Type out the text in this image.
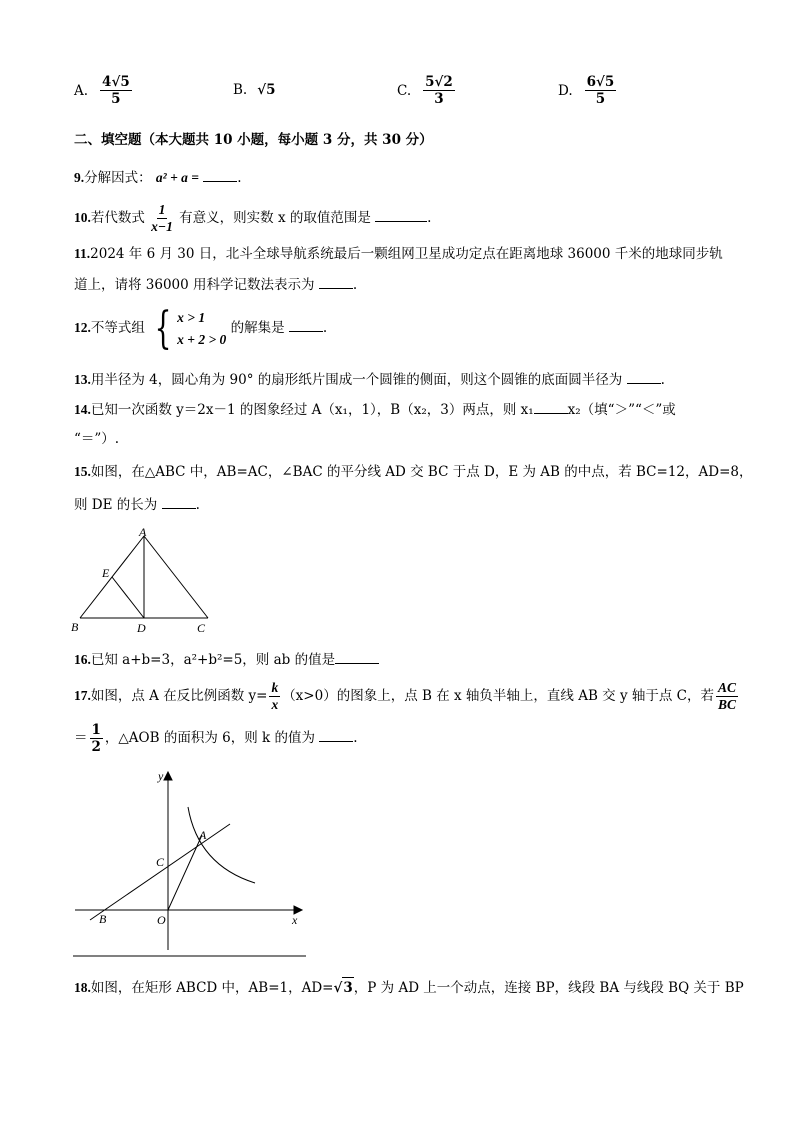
A. $\frac{4√5}{5}$	B. √5	C. $\frac{5√2}{3}$	D. $\frac{6√5}{5}$
二、填空题（本大题共 10 小题，每小题 3 分，共 30 分）
9.分解因式： a² + a =	.
10.若代数式 $\frac{1}{x-1}$ 有意义，则实数 x 的取值范围是	.
11.2024 年 6 月 30 日，北斗全球导航系统最后一颗组网卫星成功定点在距离地球 36000 千米的地球同步轨
道上，请将 36000 用科学记数法表示为	.
12.不等式组 { x > 1
x + 2 > 0
的解集是	.
13.用半径为 4，圆心角为 90° 的扇形纸片围成一个圆锥的侧面，则这个圆锥的底面圆半径为	.
14.已知一次函数 y＝2x－1 的图象经过 A（x₁，1），B（x₂，3）两点，则 x₁	x₂（填“＞”“＜”或
“＝”）.
15.如图，在△ABC 中，AB=AC，∠BAC 的平分线 AD 交 BC 于点 D，E 为 AB 的中点，若 BC=12，AD=8，
则 DE 的长为	.
A
B	C
D
E
16.已知 a+b=3，a²+b²=5，则 ab 的值是
17.如图，点 A 在反比例函数 $y= \frac{k}{x} (x>0)$的图象上，点 B 在 x 轴负半轴上，直线 AB 交 y 轴于点 C，若 $\frac{AC}{BC}$
＝ $\frac{1}{2}$ ，△AOB 的面积为 6，则 k 的值为	.
y
x
A
B
C
O
18.如图，在矩形 ABCD 中，AB=1，AD=√3，P 为 AD 上一个动点，连接 BP，线段 BA 与线段 BQ 关于 BP
